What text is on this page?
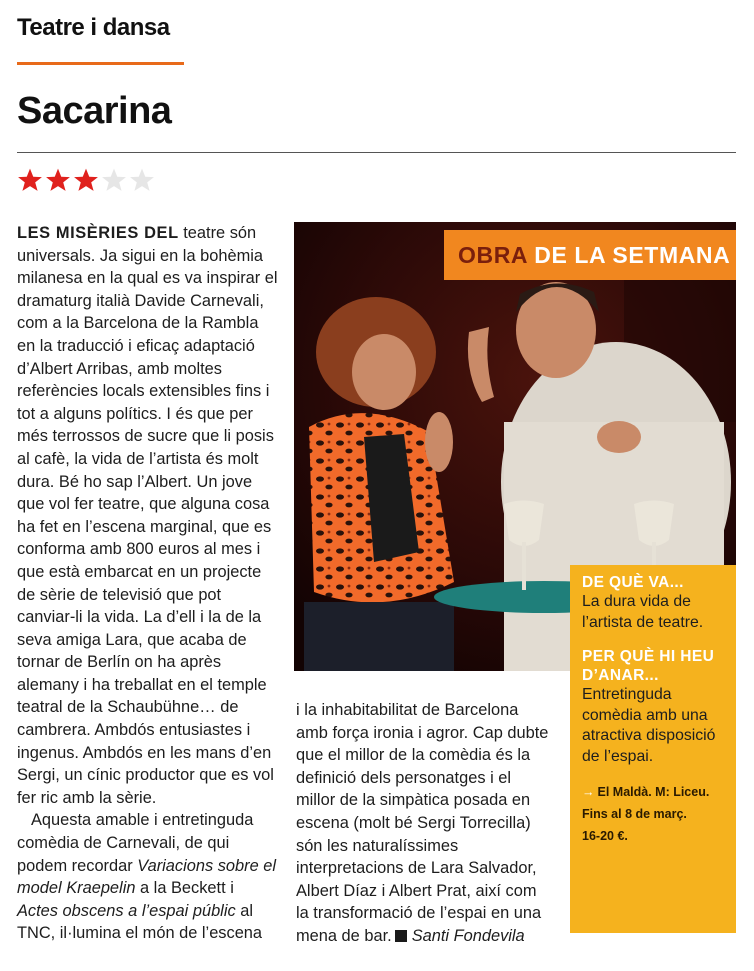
Teatre i dansa
Sacarina

LES MISÈRIES DEL teatre són universals. Ja sigui en la bohèmia milanesa en la qual es va inspirar el dramaturg italià Davide Carnevali, com a la Barcelona de la Rambla en la traducció i eficaç adaptació d’Albert Arribas, amb moltes referències locals extensibles fins i tot a alguns polítics. I és que per més terrossos de sucre que li posis al cafè, la vida de l’artista és molt dura. Bé ho sap l’Albert. Un jove que vol fer teatre, que alguna cosa ha fet en l’escena marginal, que es conforma amb 800 euros al mes i que està embarcat en un projecte de sèrie de televisió que pot canviar-li la vida. La d’ell i la de la seva amiga Lara, que acaba de tornar de Berlín on ha après alemany i ha treballat en el temple teatral de la Schaubühne… de cambrera. Ambdós entusiastes i ingenus. Ambdós en les mans d’en Sergi, un cínic productor que es vol fer ric amb la sèrie.

Aquesta amable i entretinguda comèdia de Carnevali, de qui podem recordar Variacions sobre el model Kraepelin a la Beckett i Actes obscens a l’espai públic al TNC, il·lumina el món de l’escena

OBRA DE LA SETMANA

i la inhabitabilitat de Barcelona amb força ironia i agror. Cap dubte que el millor de la comèdia és la definició dels personatges i el millor de la simpàtica posada en escena (molt bé Sergi Torrecilla) són les naturalíssimes interpretacions de Lara Salvador, Albert Díaz i Albert Prat, així com la transformació de l’espai en una mena de bar. Santi Fondevila

DE QUÈ VA...
La dura vida de l’artista de teatre.
PER QUÈ HI HEU D’ANAR...
Entretinguda comèdia amb una atractiva disposició de l’espai.
→ El Maldà. M: Liceu.
Fins al 8 de març.
16-20 €.
